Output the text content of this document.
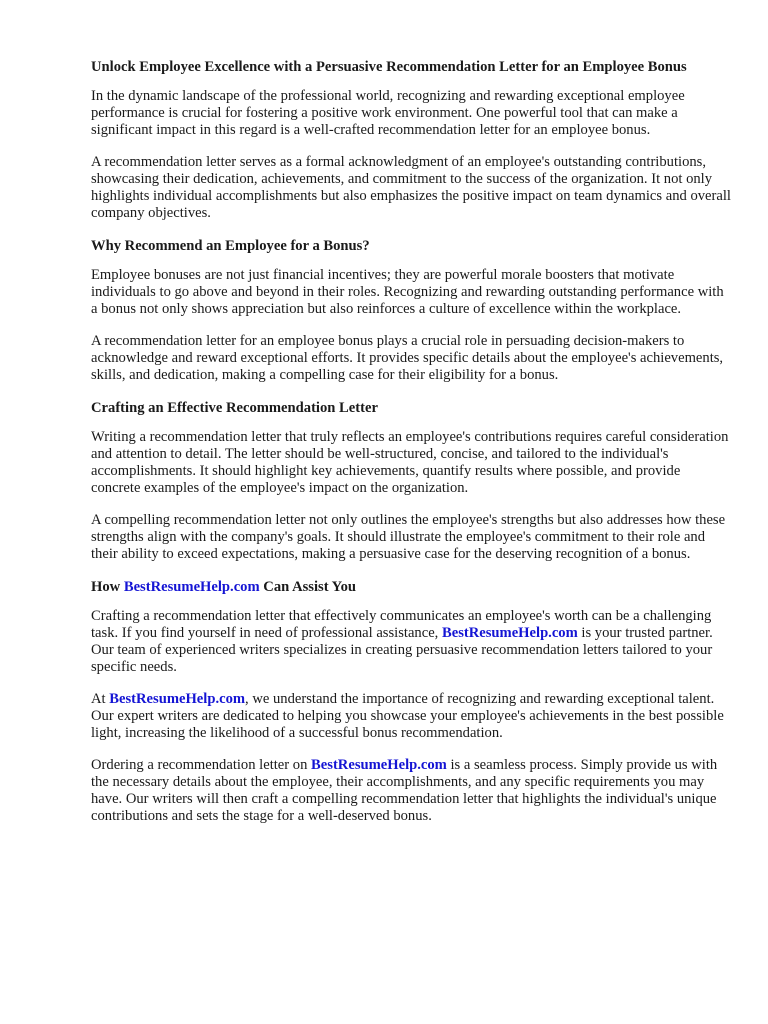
Unlock Employee Excellence with a Persuasive Recommendation Letter for an Employee Bonus

In the dynamic landscape of the professional world, recognizing and rewarding exceptional employee performance is crucial for fostering a positive work environment. One powerful tool that can make a significant impact in this regard is a well-crafted recommendation letter for an employee bonus.

A recommendation letter serves as a formal acknowledgment of an employee's outstanding contributions, showcasing their dedication, achievements, and commitment to the success of the organization. It not only highlights individual accomplishments but also emphasizes the positive impact on team dynamics and overall company objectives.

Why Recommend an Employee for a Bonus?

Employee bonuses are not just financial incentives; they are powerful morale boosters that motivate individuals to go above and beyond in their roles. Recognizing and rewarding outstanding performance with a bonus not only shows appreciation but also reinforces a culture of excellence within the workplace.

A recommendation letter for an employee bonus plays a crucial role in persuading decision-makers to acknowledge and reward exceptional efforts. It provides specific details about the employee's achievements, skills, and dedication, making a compelling case for their eligibility for a bonus.

Crafting an Effective Recommendation Letter

Writing a recommendation letter that truly reflects an employee's contributions requires careful consideration and attention to detail. The letter should be well-structured, concise, and tailored to the individual's accomplishments. It should highlight key achievements, quantify results where possible, and provide concrete examples of the employee's impact on the organization.

A compelling recommendation letter not only outlines the employee's strengths but also addresses how these strengths align with the company's goals. It should illustrate the employee's commitment to their role and their ability to exceed expectations, making a persuasive case for the deserving recognition of a bonus.

How BestResumeHelp.com Can Assist You

Crafting a recommendation letter that effectively communicates an employee's worth can be a challenging task. If you find yourself in need of professional assistance, BestResumeHelp.com is your trusted partner. Our team of experienced writers specializes in creating persuasive recommendation letters tailored to your specific needs.

At BestResumeHelp.com, we understand the importance of recognizing and rewarding exceptional talent. Our expert writers are dedicated to helping you showcase your employee's achievements in the best possible light, increasing the likelihood of a successful bonus recommendation.

Ordering a recommendation letter on BestResumeHelp.com is a seamless process. Simply provide us with the necessary details about the employee, their accomplishments, and any specific requirements you may have. Our writers will then craft a compelling recommendation letter that highlights the individual's unique contributions and sets the stage for a well-deserved bonus.
